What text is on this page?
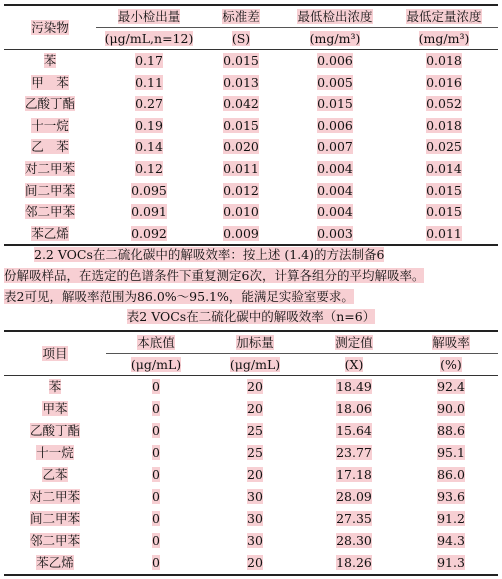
污染物	最小检出量	标准差	最低检出浓度	最低定量浓度
	(μg/mL,n=12)	(S)	(mg/m³)	(mg/m³)
苯	0.17	0.015	0.006	0.018
甲　苯	0.11	0.013	0.005	0.016
乙酸丁酯	0.27	0.042	0.015	0.052
十一烷	0.19	0.015	0.006	0.018
乙　苯	0.14	0.020	0.007	0.025
对二甲苯	0.12	0.011	0.004	0.014
间二甲苯	0.095	0.012	0.004	0.015
邻二甲苯	0.091	0.010	0.004	0.015
苯乙烯	0.092	0.009	0.003	0.011
2.2 VOCs在二硫化碳中的解吸效率：按上述 (1.4)的方法制备6
份解吸样品，在选定的色谱条件下重复测定6次，计算各组分的平均解吸率。
表2可见，解吸率范围为86.0%～95.1%，能满足实验室要求。
表2 VOCs在二硫化碳中的解吸效率（n=6）
项目	本底值	加标量	测定值	解吸率
	(μg/mL)	(μg/mL)	(X)	(%)
苯	0	20	18.49	92.4
甲苯	0	20	18.06	90.0
乙酸丁酯	0	25	15.64	88.6
十一烷	0	25	23.77	95.1
乙苯	0	20	17.18	86.0
对二甲苯	0	30	28.09	93.6
间二甲苯	0	30	27.35	91.2
邻二甲苯	0	30	28.30	94.3
苯乙烯	0	20	18.26	91.3
